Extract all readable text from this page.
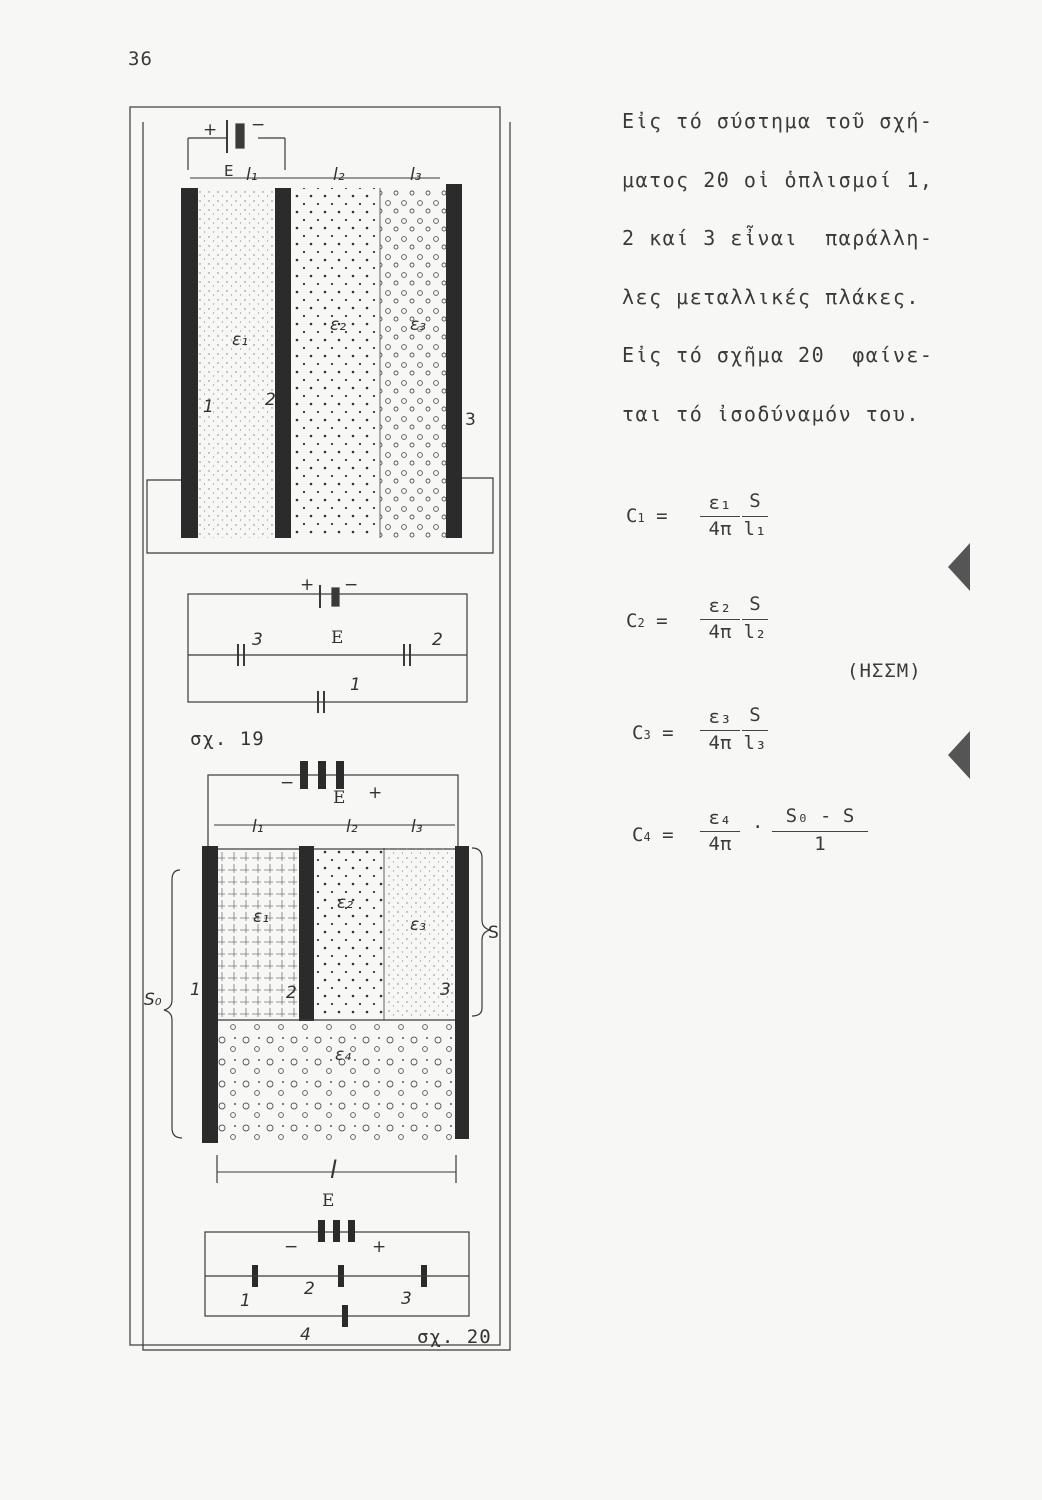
36
Εἰς τό σύστημα τοῦ σχή-
ματος 20 οἱ ὁπλισμοί 1,
2 καί 3 εἶναι  παράλλη-
λες μεταλλικές πλάκες.
Εἰς τό σχῆμα 20  φαίνε-
ται τό ἰσοδύναμόν του.
C1 =
ε₁
4π
S
l₁
C2 =
ε₂
4π
S
l₂
C3 =
ε₃
4π
S
l₃
C4 =
ε₄
4π
·	S₀ - S
1
(ΗΣΣΜ)
+ −
E l₁	l₂	l₃
ε₁
ε₂	ε₃
1	2
3
+ −
E
3	2
1
σχ. 19
−
E +
l₁	l₂	l₃
ε₁
ε₂
ε₃
ε₄
1	2	3
S₀
S
l
E
−	+
1
2	3
4	σχ. 20
